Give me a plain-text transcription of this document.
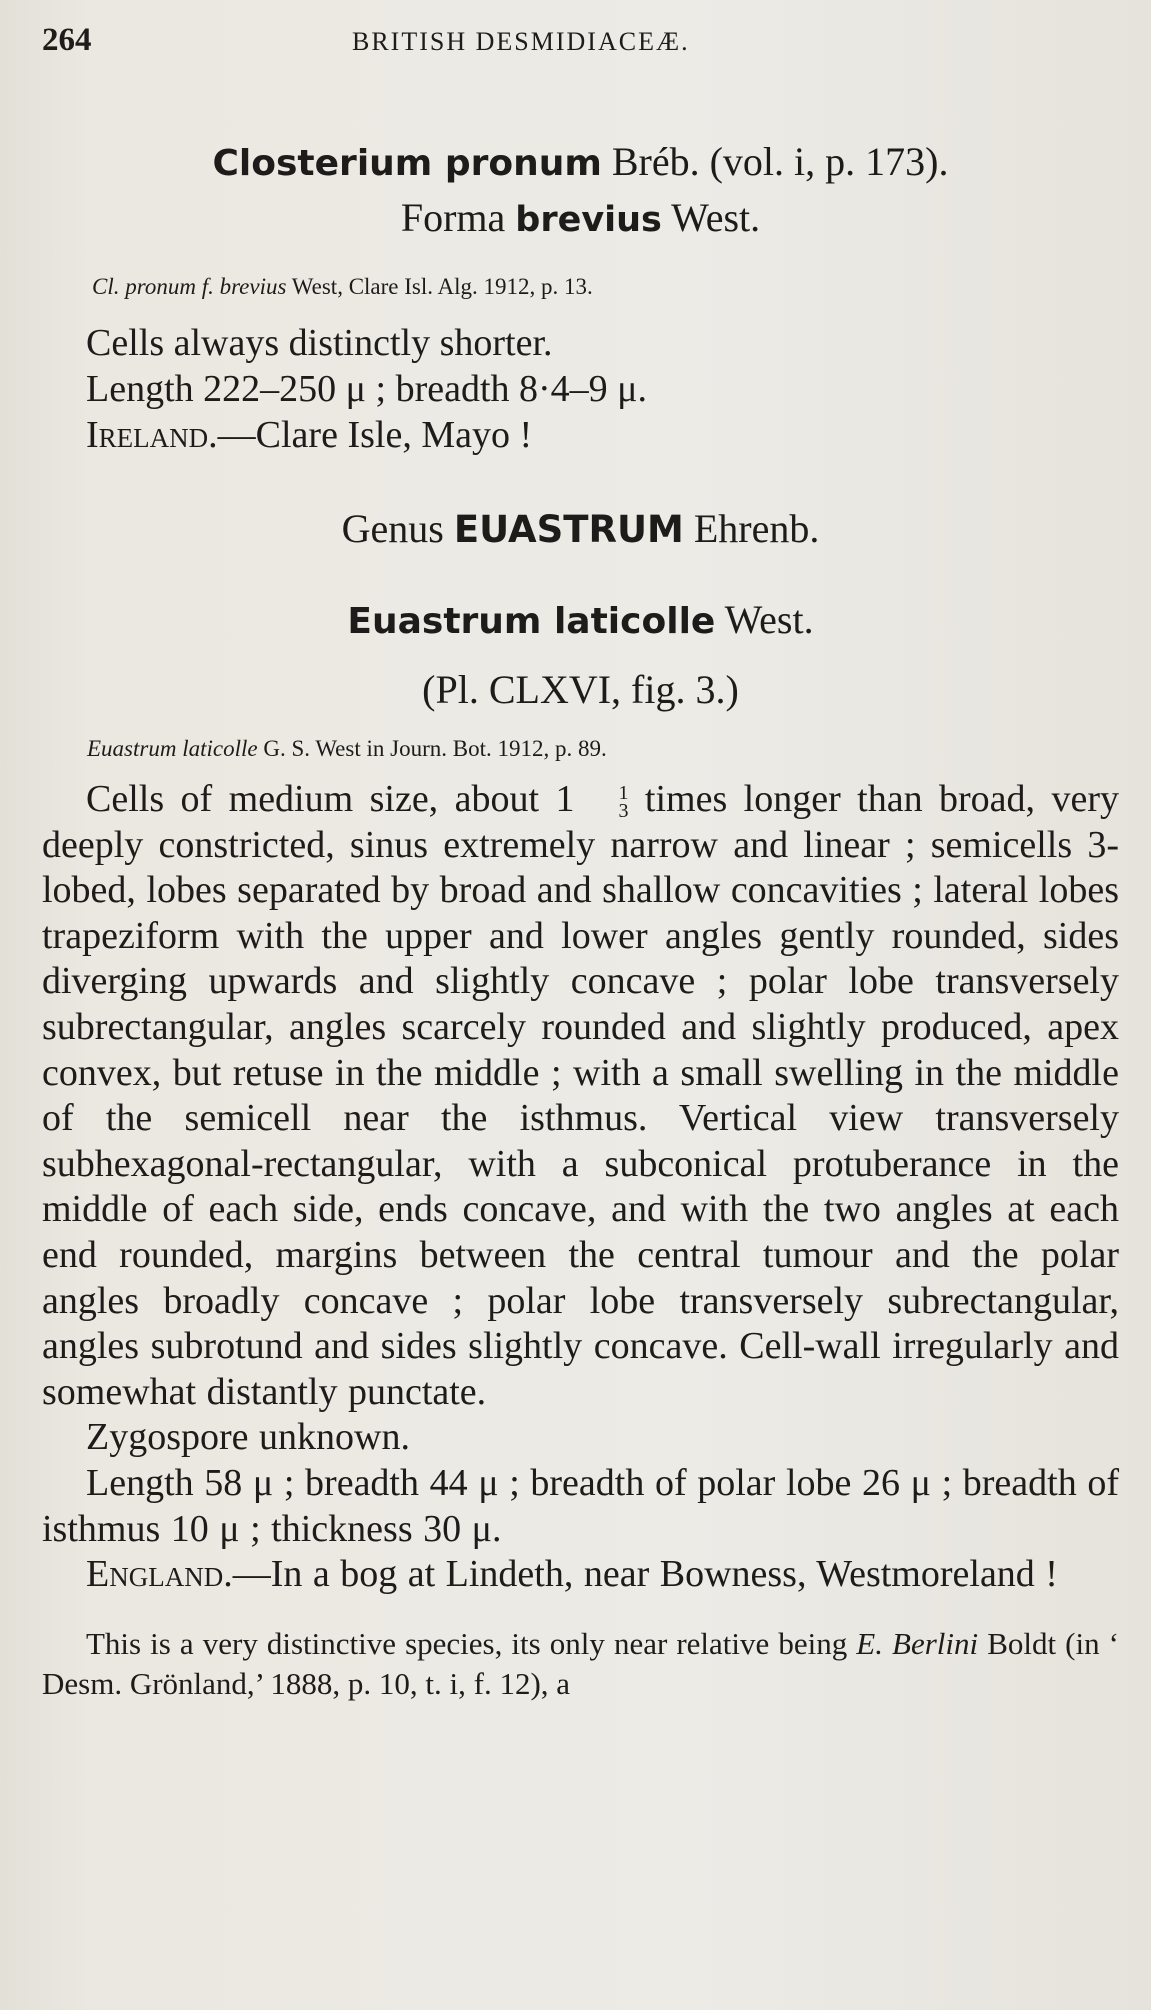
264	BRITISH DESMIDIACEÆ.
Closterium pronum Bréb. (vol. i, p. 173).
Forma brevius West.
Cl. pronum f. brevius West, Clare Isl. Alg. 1912, p. 13.
Cells always distinctly shorter.
Length 222–250 μ ; breadth 8·4–9 μ.
Ireland.—Clare Isle, Mayo !
Genus EUASTRUM Ehrenb.
Euastrum laticolle West.
(Pl. CLXVI, fig. 3.)
Euastrum laticolle G. S. West in Journ. Bot. 1912, p. 89.

Cells of medium size, about 1	1
3 times longer than broad, very deeply constricted, sinus extremely narrow and linear ; semicells 3-lobed, lobes separated by broad and shallow concavities ; lateral lobes trapeziform with the upper and lower angles gently rounded, sides diverging upwards and slightly concave ; polar lobe transversely subrectangular, angles scarcely rounded and slightly produced, apex convex, but retuse in the middle ; with a small swelling in the middle of the semicell near the isthmus. Vertical view transversely subhexagonal-rectangular, with a subconical protuberance in the middle of each side, ends concave, and with the two angles at each end rounded, margins between the central tumour and the polar angles broadly concave ; polar lobe transversely subrectangular, angles subrotund and sides slightly concave. Cell-wall irregularly and somewhat distantly punctate.

Zygospore unknown.

Length 58 μ ; breadth 44 μ ; breadth of polar lobe 26 μ ; breadth of isthmus 10 μ ; thickness 30 μ.

England.—In a bog at Lindeth, near Bowness, Westmoreland !

This is a very distinctive species, its only near relative being E. Berlini Boldt (in ‘ Desm. Grönland,’ 1888, p. 10, t. i, f. 12), a
